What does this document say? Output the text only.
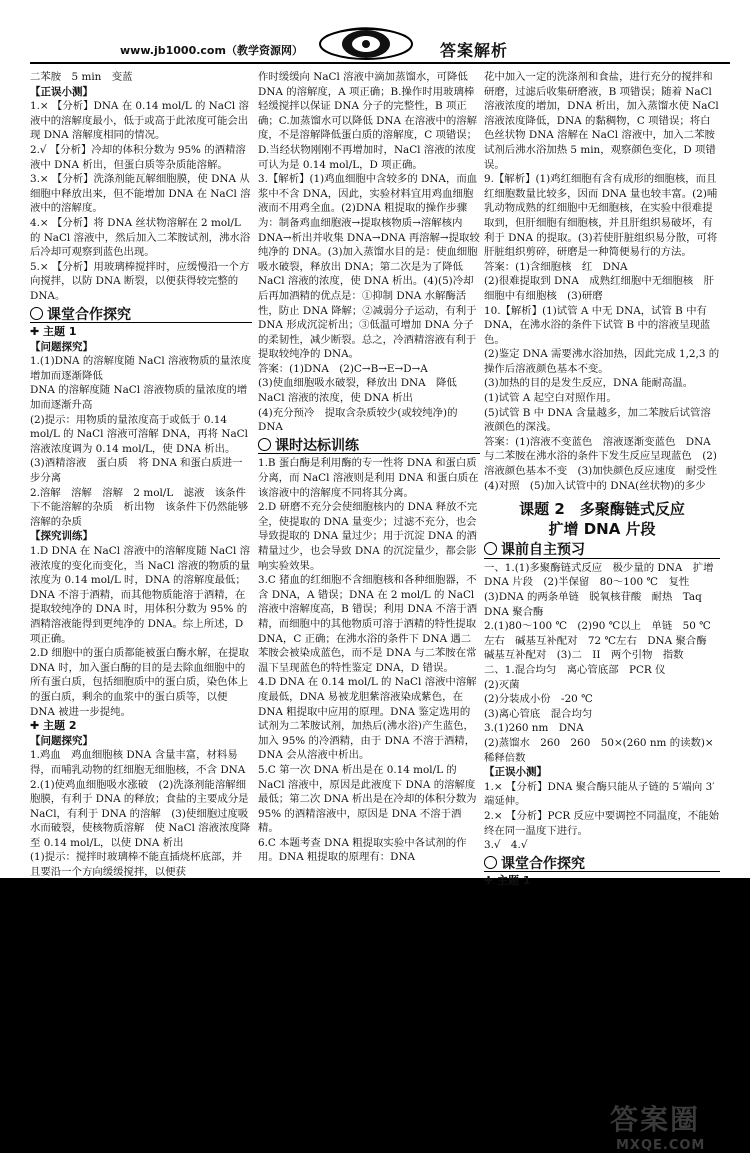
www.jb1000.com（教学资源网）	答案解析

二苯胺　5 min　变蓝

【正误小测】

1.× 【分析】DNA 在 0.14 mol/L 的 NaCl 溶液中的溶解度最小，低于或高于此浓度可能会出现 DNA 溶解度相同的情况。

2.√ 【分析】冷却的体积分数为 95% 的酒精溶液中 DNA 析出，但蛋白质等杂质能溶解。

3.× 【分析】洗涤剂能瓦解细胞膜，使 DNA 从细胞中释放出来，但不能增加 DNA 在 NaCl 溶液中的溶解度。

4.× 【分析】将 DNA 丝状物溶解在 2 mol/L 的 NaCl 溶液中，然后加入二苯胺试剂，沸水浴后冷却可观察到蓝色出现。

5.× 【分析】用玻璃棒搅拌时，应缓慢沿一个方向搅拌，以防 DNA 断裂，以便获得较完整的 DNA。

课堂合作探究

✚ 主题 1

【问题探究】

1.(1)DNA 的溶解度随 NaCl 溶液物质的量浓度增加而逐渐降低

DNA 的溶解度随 NaCl 溶液物质的量浓度的增加而逐渐升高

(2)提示：用物质的量浓度高于或低于 0.14 mol/L 的 NaCl 溶液可溶解 DNA，再将 NaCl 溶液浓度调为 0.14 mol/L，使 DNA 析出。

(3)酒精溶液　蛋白质　将 DNA 和蛋白质进一步分离

2.溶解　溶解　溶解　2 mol/L　滤液　该条件下不能溶解的杂质　析出物　该条件下仍然能够溶解的杂质

【探究训练】

1.D DNA 在 NaCl 溶液中的溶解度随 NaCl 溶液浓度的变化而变化，当 NaCl 溶液的物质的量浓度为 0.14 mol/L 时，DNA 的溶解度最低；DNA 不溶于酒精，而其他物质能溶于酒精，在提取较纯净的 DNA 时，用体积分数为 95% 的酒精溶液能得到更纯净的 DNA。综上所述，D 项正确。

2.D 细胞中的蛋白质都能被蛋白酶水解，在提取 DNA 时，加入蛋白酶的目的是去除血细胞中的所有蛋白质，包括细胞质中的蛋白质，染色体上的蛋白质，剩余的血浆中的蛋白质等，以便 DNA 被进一步提纯。

✚ 主题 2

【问题探究】

1.鸡血　鸡血细胞核 DNA 含量丰富，材料易得，而哺乳动物的红细胞无细胞核，不含 DNA

2.(1)使鸡血细胞吸水涨破　(2)洗涤剂能溶解细胞膜，有利于 DNA 的释放；食盐的主要成分是 NaCl，有利于 DNA 的溶解　(3)使细胞过度吸水而破裂，使核物质溶解　使 NaCl 溶液浓度降至 0.14 mol/L，以使 DNA 析出

(1)提示：搅拌时玻璃棒不能直插烧杯底部，并且要沿一个方向缓缓搅拌，以便获

作时缓缓向 NaCl 溶液中滴加蒸馏水，可降低 DNA 的溶解度，A 项正确；B.操作时用玻璃棒轻缓搅拌以保证 DNA 分子的完整性，B 项正确；C.加蒸馏水可以降低 DNA 在溶液中的溶解度，不是溶解降低蛋白质的溶解度，C 项错误；D.当经状物刚刚不再增加时，NaCl 溶液的浓度可认为是 0.14 mol/L，D 项正确。

3.【解析】(1)鸡血细胞中含较多的 DNA，而血浆中不含 DNA，因此，实验材料宜用鸡血细胞液而不用鸡全血。(2)DNA 粗提取的操作步骤为：制备鸡血细胞液→提取核物质→溶解核内 DNA→析出并收集 DNA→DNA 再溶解→提取较纯净的 DNA。(3)加入蒸馏水目的是：使血细胞吸水破裂，释放出 DNA；第二次是为了降低 NaCl 溶液的浓度，使 DNA 析出。(4)(5)冷却后再加酒精的优点是：①抑制 DNA 水解酶活性，防止 DNA 降解；②减弱分子运动，有利于 DNA 形成沉淀析出；③低温可增加 DNA 分子的柔韧性，减少断裂。总之，冷酒精溶液有利于提取较纯净的 DNA。

答案：(1)DNA　(2)C→B→E→D→A

(3)使血细胞吸水破裂，释放出 DNA　降低 NaCl 溶液的浓度，使 DNA 析出

(4)充分预冷　提取含杂质较少(或较纯净)的 DNA

课时达标训练

1.B 蛋白酶是利用酶的专一性将 DNA 和蛋白质分离，而 NaCl 溶液则是利用 DNA 和蛋白质在该溶液中的溶解度不同将其分离。

2.D 研磨不充分会使细胞核内的 DNA 释放不完全，使提取的 DNA 量变少；过滤不充分，也会导致提取的 DNA 量过少；用于沉淀 DNA 的酒精量过少，也会导致 DNA 的沉淀量少，都会影响实验效果。

3.C 猪血的红细胞不含细胞核和各种细胞器，不含 DNA，A 错误；DNA 在 2 mol/L 的 NaCl 溶液中溶解度高，B 错误；利用 DNA 不溶于酒精，而细胞中的其他物质可溶于酒精的特性提取 DNA，C 正确；在沸水浴的条件下 DNA 遇二苯胺会被染成蓝色，而不是 DNA 与二苯胺在常温下呈现蓝色的特性鉴定 DNA，D 错误。

4.D DNA 在 0.14 mol/L 的 NaCl 溶液中溶解度最低，DNA 易被龙胆紫溶液染成紫色，在 DNA 粗提取中应用的原理。DNA 鉴定选用的试剂为二苯胺试剂，加热后(沸水浴)产生蓝色，加入 95% 的冷酒精，由于 DNA 不溶于酒精，DNA 会从溶液中析出。

5.C 第一次 DNA 析出是在 0.14 mol/L 的 NaCl 溶液中，原因是此液度下 DNA 的溶解度最低；第二次 DNA 析出是在冷却的体积分数为 95% 的酒精溶液中，原因是 DNA 不溶于酒精。

6.C 本题考查 DNA 粗提取实验中各试剂的作用。DNA 粗提取的原理有：DNA

花中加入一定的洗涤剂和食盐，进行充分的搅拌和研磨，过滤后收集研磨液，B 项错误；随着 NaCl 溶液浓度的增加，DNA 析出，加入蒸馏水使 NaCl 溶液浓度降低，DNA 的黏稠物，C 项错误；将白色丝状物 DNA 溶解在 NaCl 溶液中，加入二苯胺试剂后沸水浴加热 5 min，观察颜色变化，D 项错误。

9.【解析】(1)鸡红细胞有含有成形的细胞核，而且红细胞数量比较多，因而 DNA 量也较丰富。(2)哺乳动物成熟的红细胞中无细胞核，在实验中很难提取到，但肝细胞有细胞核，并且肝组织易破坏，有利于 DNA 的提取。(3)若使肝脏组织易分散，可将肝脏组织剪碎，研磨是一种简便易行的方法。

答案：(1)含细胞核　红　DNA

(2)很难提取到 DNA　成熟红细胞中无细胞核　肝细胞中有细胞核　(3)研磨

10.【解析】(1)试管 A 中无 DNA，试管 B 中有 DNA，在沸水浴的条件下试管 B 中的溶液呈现蓝色。

(2)鉴定 DNA 需要沸水浴加热，因此完成 1,2,3 的操作后溶液颜色基本不变。

(3)加热的目的是发生反应，DNA 能耐高温。

(1)试管 A 起空白对照作用。

(5)试管 B 中 DNA 含量越多，加二苯胺后试管溶液颜色的深浅。

答案：(1)溶液不变蓝色　溶液逐渐变蓝色　DNA 与二苯胺在沸水浴的条件下发生反应呈现蓝色　(2)溶液颜色基本不变　(3)加快颜色反应速度　耐受性　(4)对照　(5)加入试管中的 DNA(丝状物)的多少

课题 2　多聚酶链式反应
扩增 DNA 片段
课前自主预习

一、1.(1)多聚酶链式反应　极少量的 DNA　扩增 DNA 片段　(2)半保留　80～100 ℃　复性　(3)DNA 的两条单链　脱氧核苷酸　耐热　Taq DNA 聚合酶

2.(1)80～100 ℃　(2)90 ℃以上　单链　50 ℃左右　碱基互补配对　72 ℃左右　DNA 聚合酶　碱基互补配对　(3)二　II　两个引物　指数

二、1.混合均匀　离心管底部　PCR 仪

(2)灭菌

(2)分装成小份　-20 ℃

(3)离心管底　混合均匀

3.(1)260 nm　DNA

(2)蒸馏水　260　260　50×(260 nm 的读数)×稀释倍数

【正误小测】

1.× 【分析】DNA 聚合酶只能从子链的 5′端向 3′端延伸。

2.× 【分析】PCR 反应中要调控不同温度，不能始终在同一温度下进行。

3.√　4.√

课堂合作探究

✚ 主题 1

答案圈
MXQE.COM
